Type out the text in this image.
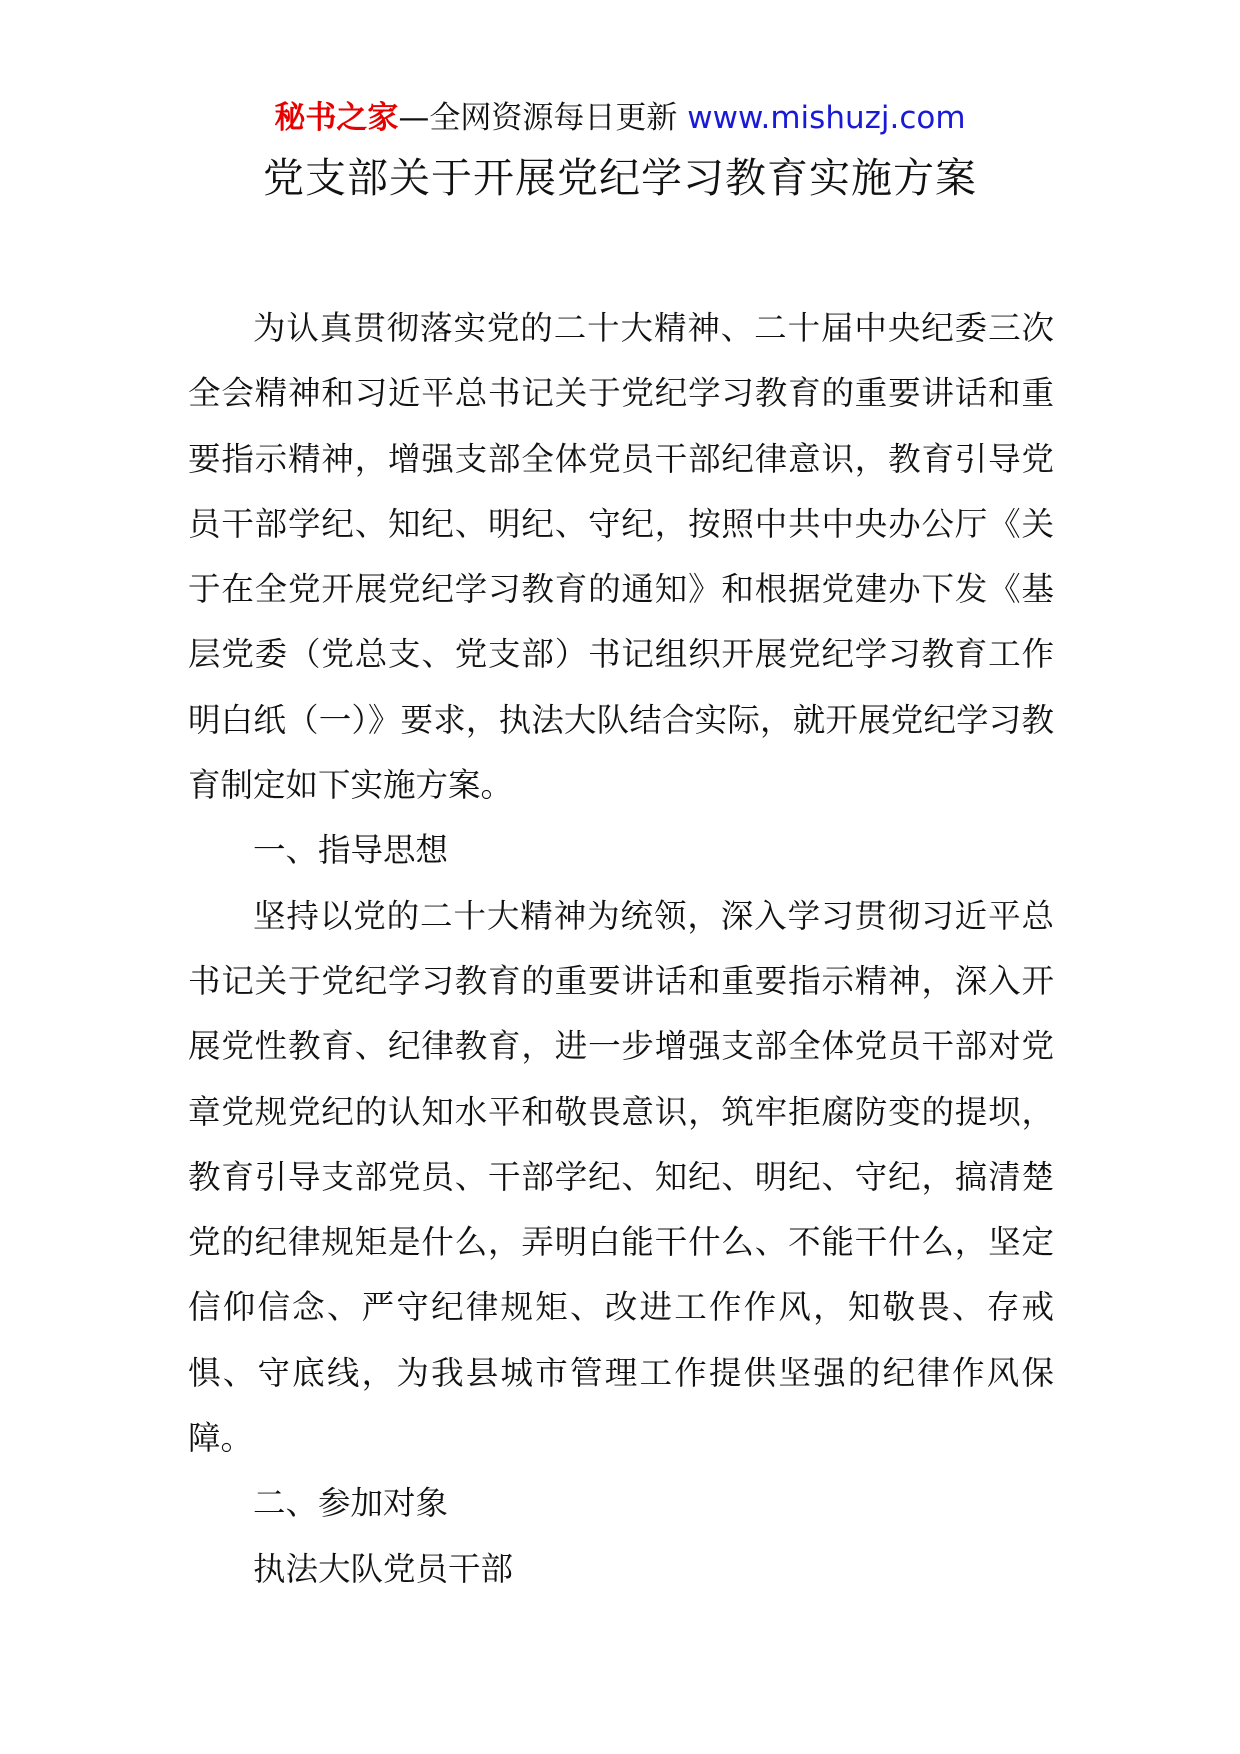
秘书之家—全网资源每日更新 www.mishuzj.com
党支部关于开展党纪学习教育实施方案

为认真贯彻落实党的二十大精神、二十届中央纪委三次全会精神和习近平总书记关于党纪学习教育的重要讲话和重要指示精神，增强支部全体党员干部纪律意识，教育引导党员干部学纪、知纪、明纪、守纪，按照中共中央办公厅《关于在全党开展党纪学习教育的通知》和根据党建办下发《基层党委（党总支、党支部）书记组织开展党纪学习教育工作明白纸（一）》要求，执法大队结合实际，就开展党纪学习教育制定如下实施方案。

一、指导思想

坚持以党的二十大精神为统领，深入学习贯彻习近平总书记关于党纪学习教育的重要讲话和重要指示精神，深入开展党性教育、纪律教育，进一步增强支部全体党员干部对党章党规党纪的认知水平和敬畏意识，筑牢拒腐防变的提坝，教育引导支部党员、干部学纪、知纪、明纪、守纪，搞清楚党的纪律规矩是什么，弄明白能干什么、不能干什么，坚定信仰信念、严守纪律规矩、改进工作作风，知敬畏、存戒惧、守底线，为我县城市管理工作提供坚强的纪律作风保障。

二、参加对象

执法大队党员干部
